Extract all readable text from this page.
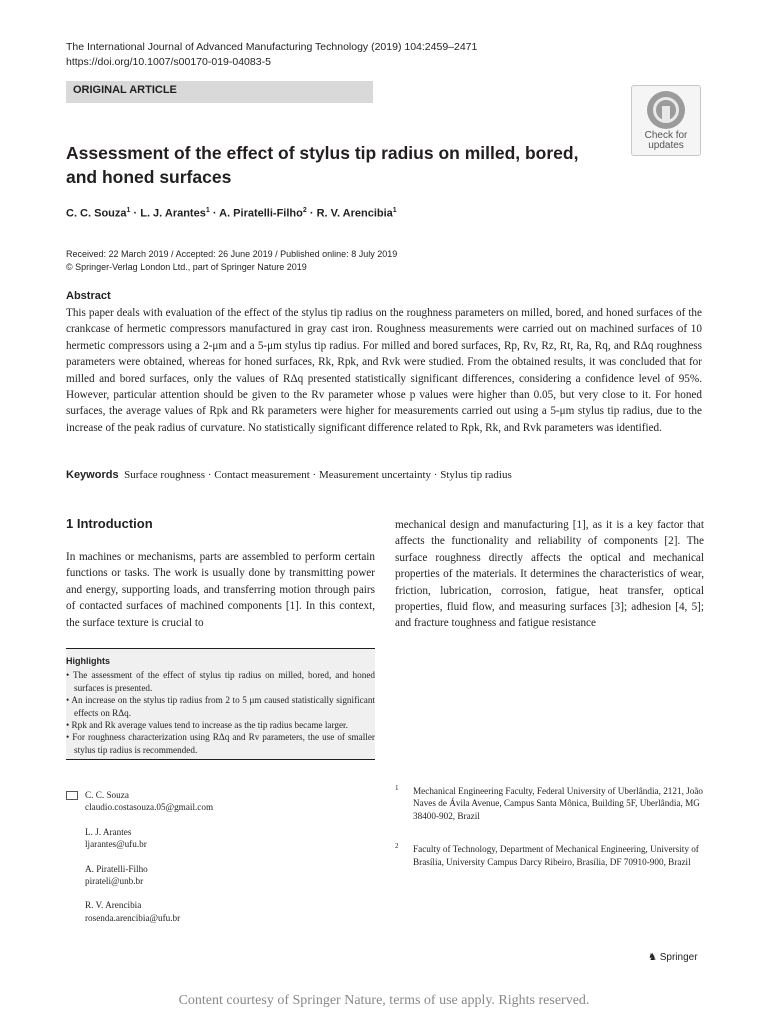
The International Journal of Advanced Manufacturing Technology (2019) 104:2459–2471
https://doi.org/10.1007/s00170-019-04083-5
ORIGINAL ARTICLE
Check for
updates
Assessment of the effect of stylus tip radius on milled, bored, and honed surfaces
C. C. Souza$^1$ · L. J. Arantes$^1$ · A. Piratelli-Filho$^2$ · R. V. Arencibia$^1$
Received: 22 March 2019 / Accepted: 26 June 2019 / Published online: 8 July 2019
© Springer-Verlag London Ltd., part of Springer Nature 2019
Abstract
This paper deals with evaluation of the effect of the stylus tip radius on the roughness parameters on milled, bored, and honed surfaces of the crankcase of hermetic compressors manufactured in gray cast iron. Roughness measurements were carried out on machined surfaces of 10 hermetic compressors using a 2-μm and a 5-μm stylus tip radius. For milled and bored surfaces, Rp, Rv, Rz, Rt, Ra, Rq, and RΔq roughness parameters were obtained, whereas for honed surfaces, Rk, Rpk, and Rvk were studied. From the obtained results, it was concluded that for milled and bored surfaces, only the values of RΔq presented statistically significant differences, considering a confidence level of 95%. However, particular attention should be given to the Rv parameter whose p values were higher than 0.05, but very close to it. For honed surfaces, the average values of Rpk and Rk parameters were higher for measurements carried out using a 5-μm stylus tip radius, due to the increase of the peak radius of curvature. No statistically significant difference related to Rpk, Rk, and Rvk parameters was identified.
Keywords Surface roughness · Contact measurement · Measurement uncertainty · Stylus tip radius
1 Introduction
In machines or mechanisms, parts are assembled to perform certain functions or tasks. The work is usually done by transmitting power and energy, supporting loads, and transferring motion through pairs of contacted surfaces of machined components [1]. In this context, the surface texture is crucial to
mechanical design and manufacturing [1], as it is a key factor that affects the functionality and reliability of components [2]. The surface roughness directly affects the optical and mechanical properties of the materials. It determines the characteristics of wear, friction, lubrication, corrosion, fatigue, heat transfer, optical properties, fluid flow, and measuring surfaces [3]; adhesion [4, 5]; and fracture toughness and fatigue resistance
Highlights
• The assessment of the effect of stylus tip radius on milled, bored, and honed surfaces is presented.
• An increase on the stylus tip radius from 2 to 5 μm caused statistically significant effects on RΔq.
• Rpk and Rk average values tend to increase as the tip radius became larger.
• For roughness characterization using RΔq and Rv parameters, the use of smaller stylus tip radius is recommended.
C. C. Souza
claudio.costasouza.05@gmail.com
L. J. Arantes
ljarantes@ufu.br
A. Piratelli-Filho
pirateli@unb.br
R. V. Arencibia
rosenda.arencibia@ufu.br
1 Mechanical Engineering Faculty, Federal University of Uberlândia, 2121, João Naves de Ávila Avenue, Campus Santa Mônica, Building 5F, Uberlândia, MG 38400-902, Brazil
2 Faculty of Technology, Department of Mechanical Engineering, University of Brasília, University Campus Darcy Ribeiro, Brasília, DF 70910-900, Brazil
♞ Springer
Content courtesy of Springer Nature, terms of use apply. Rights reserved.
